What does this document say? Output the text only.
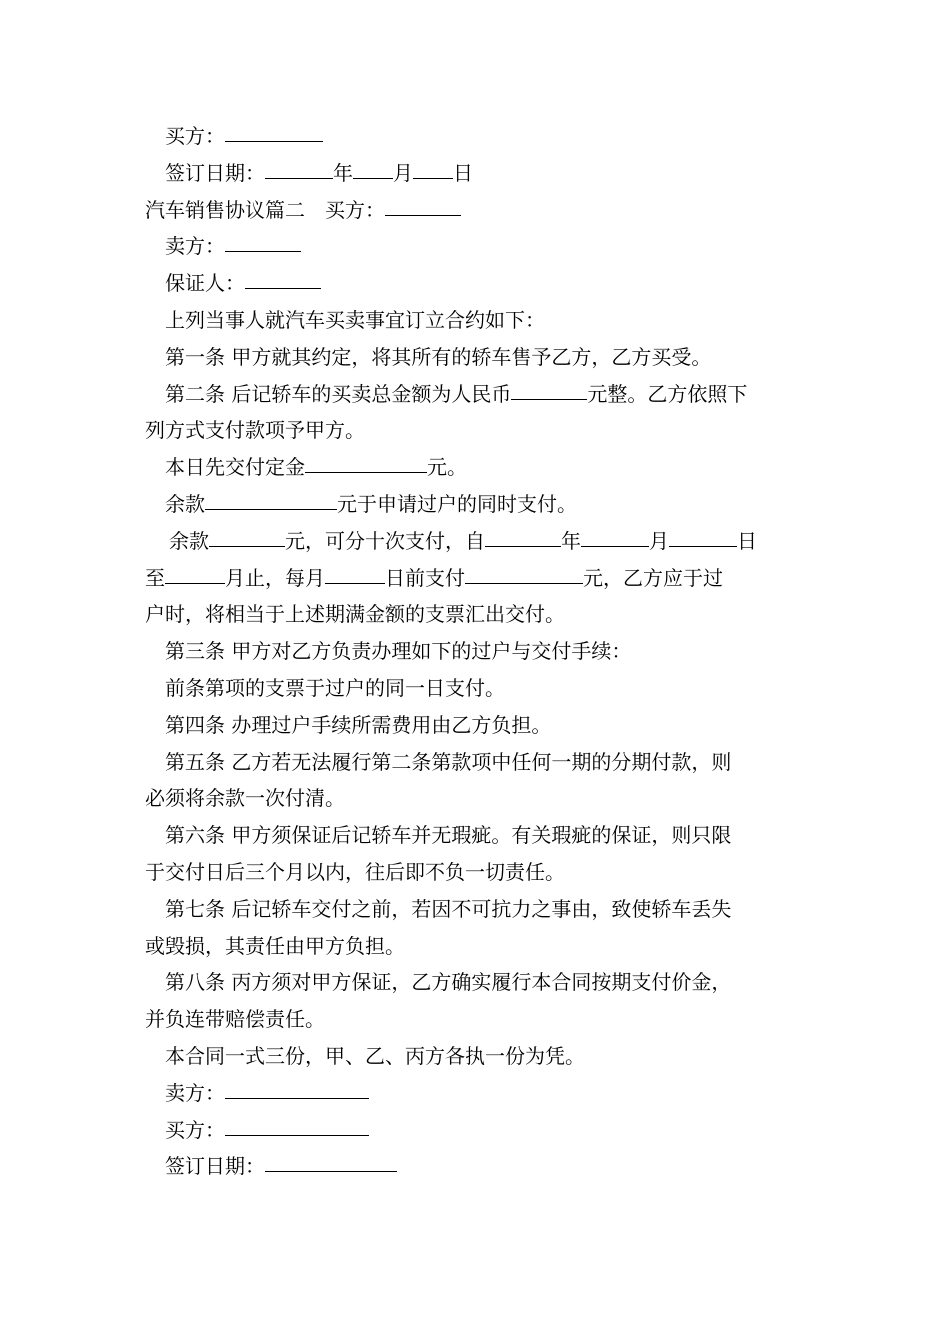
买方：

签订日期：	年 月 日

汽车销售协议篇二 买方：

卖方：

保证人：

上列当事人就汽车买卖事宜订立合约如下：

第一条 甲方就其约定，将其所有的轿车售予乙方，乙方买受。

第二条 后记轿车的买卖总金额为人民币	元整。乙方依照下

列方式支付款项予甲方。

本日先交付定金	元。

余款	元于申请过户的同时支付。

余款	元，可分十次支付，自	年	月	日

至	月止，每月	日前支付	元，乙方应于过

户时，将相当于上述期满金额的支票汇出交付。

第三条 甲方对乙方负责办理如下的过户与交付手续：

前条第项的支票于过户的同一日支付。

第四条 办理过户手续所需费用由乙方负担。

第五条 乙方若无法履行第二条第款项中任何一期的分期付款，则

必须将余款一次付清。

第六条 甲方须保证后记轿车并无瑕疵。有关瑕疵的保证，则只限

于交付日后三个月以内，往后即不负一切责任。

第七条 后记轿车交付之前，若因不可抗力之事由，致使轿车丢失

或毁损，其责任由甲方负担。

第八条 丙方须对甲方保证，乙方确实履行本合同按期支付价金，

并负连带赔偿责任。

本合同一式三份，甲、乙、丙方各执一份为凭。

卖方：

买方：

签订日期：
